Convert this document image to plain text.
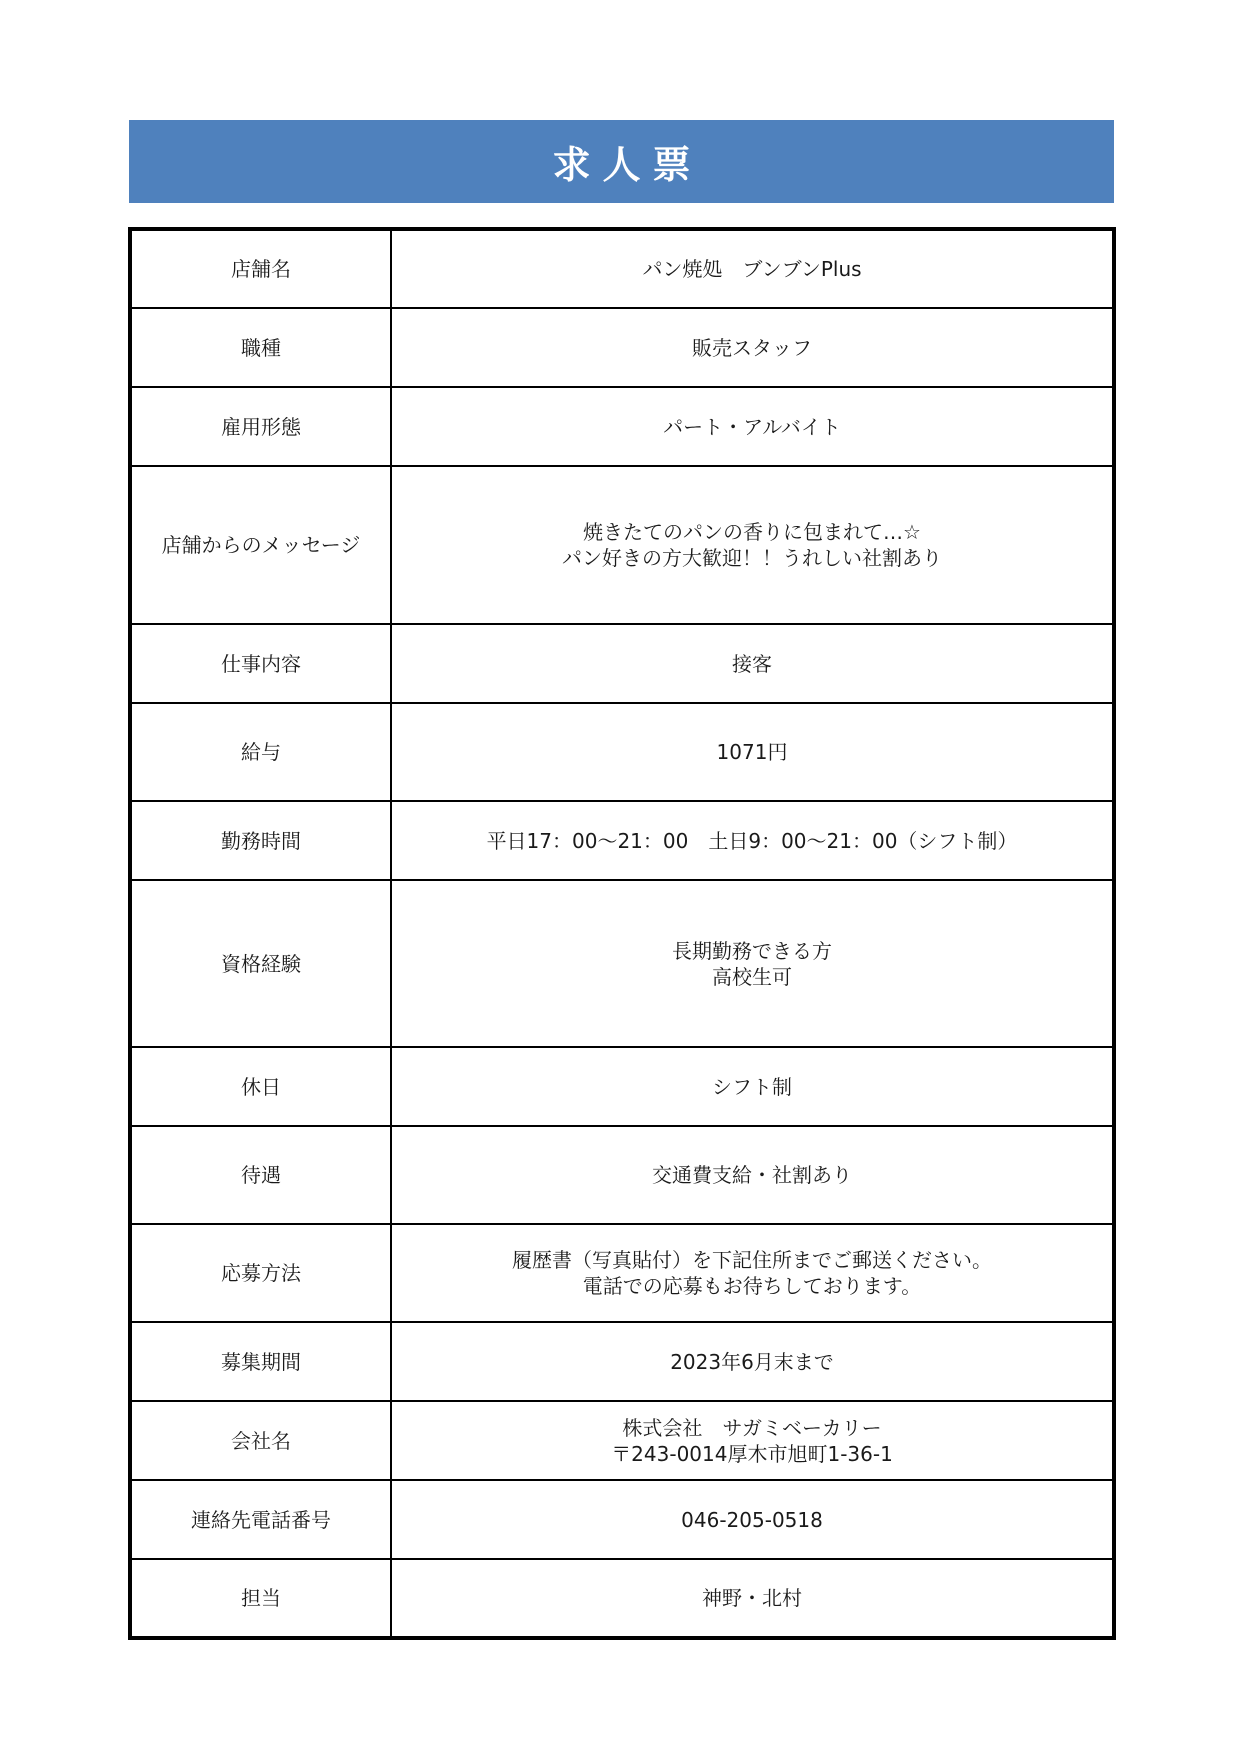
求人票
店舗名	パン焼処　ブンブンPlus

職種	販売スタッフ

雇用形態	パート・アルバイト

店舗からのメッセージ	焼きたてのパンの香りに包まれて…☆
パン好きの方大歓迎！！うれしい社割あり

仕事内容	接客

給与	1071円

勤務時間	平日17：00～21：00　土日9：00～21：00（シフト制）

資格経験	長期勤務できる方
高校生可

休日	シフト制

待遇	交通費支給・社割あり

応募方法	履歴書（写真貼付）を下記住所までご郵送ください。
電話での応募もお待ちしております。

募集期間	2023年6月末まで

会社名	株式会社　サガミベーカリー
〒243-0014厚木市旭町1-36-1

連絡先電話番号	046-205-0518

担当	神野・北村
